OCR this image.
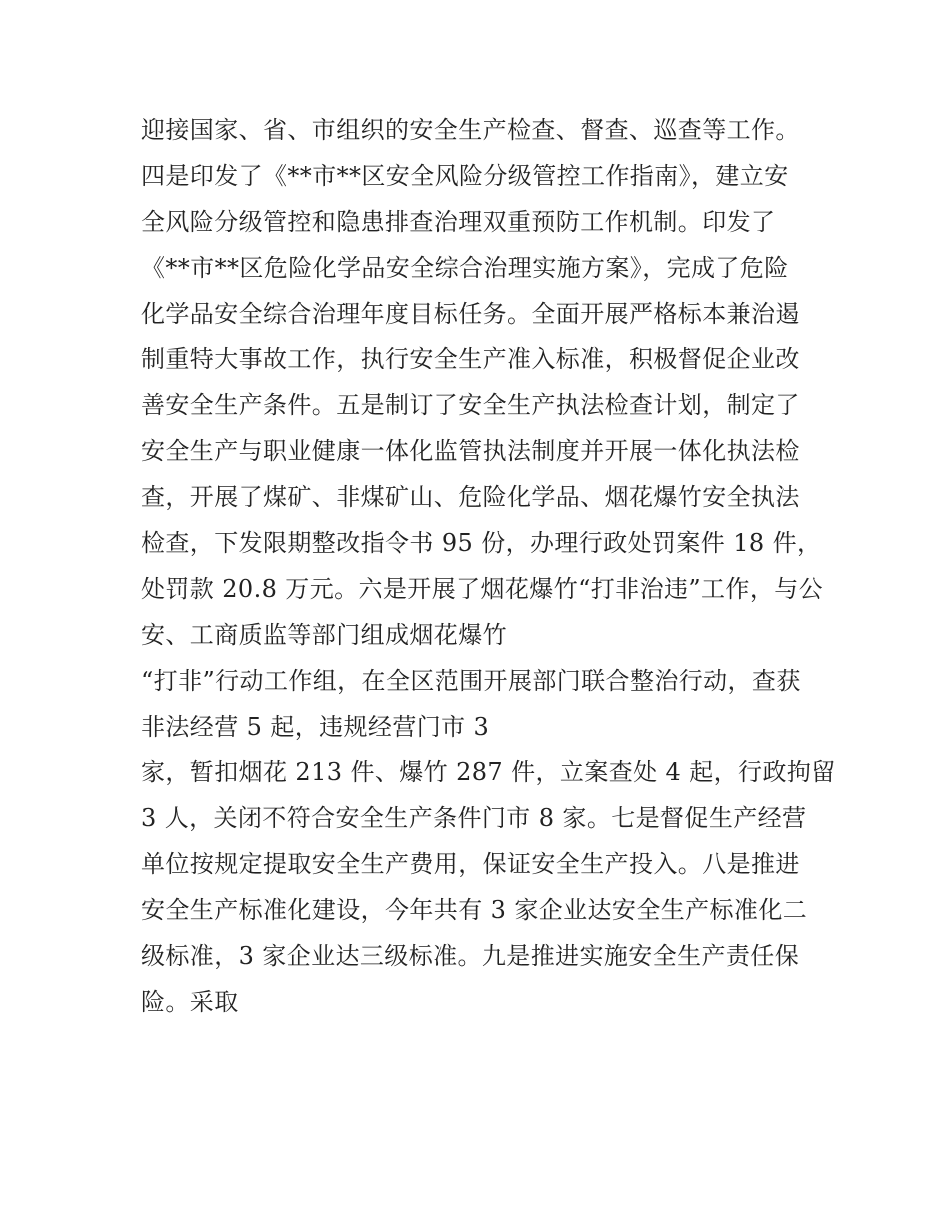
迎接国家、省、市组织的安全生产检查、督查、巡查等工作。
四是印发了《**市**区安全风险分级管控工作指南》，建立安
全风险分级管控和隐患排查治理双重预防工作机制。印发了
《**市**区危险化学品安全综合治理实施方案》，完成了危险
化学品安全综合治理年度目标任务。全面开展严格标本兼治遏
制重特大事故工作，执行安全生产准入标准，积极督促企业改
善安全生产条件。五是制订了安全生产执法检查计划，制定了
安全生产与职业健康一体化监管执法制度并开展一体化执法检
查，开展了煤矿、非煤矿山、危险化学品、烟花爆竹安全执法
检查，下发限期整改指令书 95 份，办理行政处罚案件 18 件，
处罚款 20.8 万元。六是开展了烟花爆竹“打非治违”工作，与公
安、工商质监等部门组成烟花爆竹
“打非”行动工作组，在全区范围开展部门联合整治行动，查获
非法经营 5 起，违规经营门市 3
家，暂扣烟花 213 件、爆竹 287 件，立案查处 4 起，行政拘留
3 人，关闭不符合安全生产条件门市 8 家。七是督促生产经营
单位按规定提取安全生产费用，保证安全生产投入。八是推进
安全生产标准化建设，今年共有 3 家企业达安全生产标准化二
级标准，3 家企业达三级标准。九是推进实施安全生产责任保
险。采取
